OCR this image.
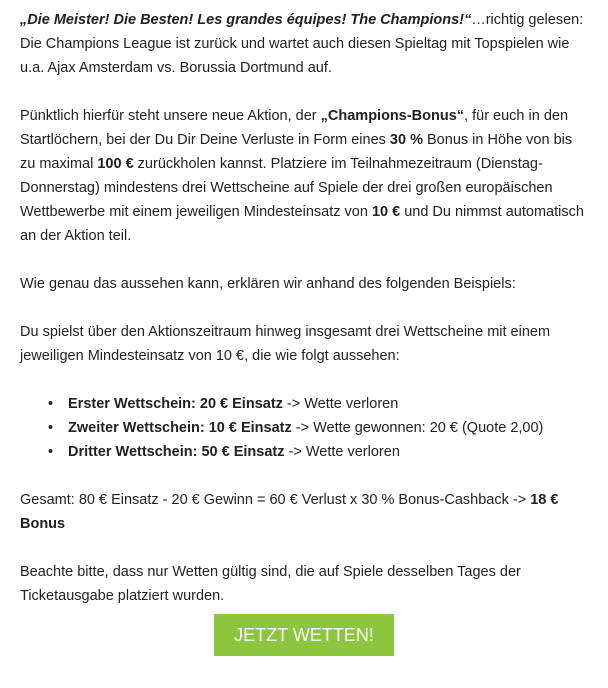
„Die Meister! Die Besten! Les grandes équipes! The Champions!“…richtig gelesen: Die Champions League ist zurück und wartet auch diesen Spieltag mit Topspielen wie u.a. Ajax Amsterdam vs. Borussia Dortmund auf.

Pünktlich hierfür steht unsere neue Aktion, der „Champions-Bonus“, für euch in den Startlöchern, bei der Du Dir Deine Verluste in Form eines 30 % Bonus in Höhe von bis zu maximal 100 € zurückholen kannst. Platziere im Teilnahmezeitraum (Dienstag-Donnerstag) mindestens drei Wettscheine auf Spiele der drei großen europäischen Wettbewerbe mit einem jeweiligen Mindesteinsatz von 10 € und Du nimmst automatisch an der Aktion teil.

Wie genau das aussehen kann, erklären wir anhand des folgenden Beispiels:

Du spielst über den Aktionszeitraum hinweg insgesamt drei Wettscheine mit einem jeweiligen Mindesteinsatz von 10 €, die wie folgt aussehen:

• Erster Wettschein: 20 € Einsatz -> Wette verloren
• Zweiter Wettschein: 10 € Einsatz -> Wette gewonnen: 20 € (Quote 2,00)
• Dritter Wettschein: 50 € Einsatz -> Wette verloren

Gesamt: 80 € Einsatz - 20 € Gewinn = 60 € Verlust x 30 % Bonus-Cashback -> 18 € Bonus

Beachte bitte, dass nur Wetten gültig sind, die auf Spiele desselben Tages der Ticketausgabe platziert wurden.

JETZT WETTEN!
